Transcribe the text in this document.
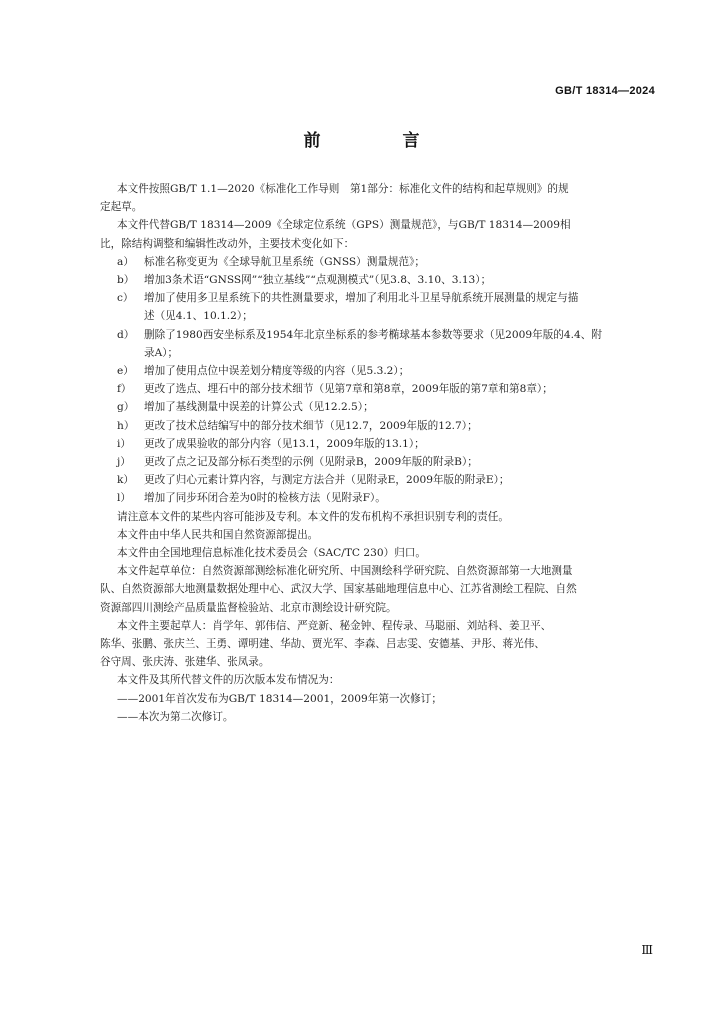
GB/T 18314—2024
前 言
本文件按照GB/T 1.1—2020《标准化工作导则　第1部分：标准化文件的结构和起草规则》的规
定起草。
本文件代替GB/T 18314—2009《全球定位系统（GPS）测量规范》，与GB/T 18314—2009相
比，除结构调整和编辑性改动外，主要技术变化如下：
a） 标准名称变更为《全球导航卫星系统（GNSS）测量规范》；
b） 增加3条术语“GNSS网”“独立基线”“点观测模式”（见3.8、3.10、3.13）；
c） 增加了使用多卫星系统下的共性测量要求，增加了利用北斗卫星导航系统开展测量的规定与描
述（见4.1、10.1.2）；
d） 删除了1980西安坐标系及1954年北京坐标系的参考椭球基本参数等要求（见2009年版的4.4、附
录A）；
e） 增加了使用点位中误差划分精度等级的内容（见5.3.2）；
f）	更改了选点、埋石中的部分技术细节（见第7章和第8章，2009年版的第7章和第8章）；
g） 增加了基线测量中误差的计算公式（见12.2.5）；
h） 更改了技术总结编写中的部分技术细节（见12.7，2009年版的12.7）；
i）	更改了成果验收的部分内容（见13.1，2009年版的13.1）；
j）	更改了点之记及部分标石类型的示例（见附录B，2009年版的附录B）；
k） 更改了归心元素计算内容，与测定方法合并（见附录E，2009年版的附录E）；
l）	增加了同步环闭合差为0时的检核方法（见附录F）。
请注意本文件的某些内容可能涉及专利。本文件的发布机构不承担识别专利的责任。
本文件由中华人民共和国自然资源部提出。
本文件由全国地理信息标准化技术委员会（SAC/TC 230）归口。
本文件起草单位：自然资源部测绘标准化研究所、中国测绘科学研究院、自然资源部第一大地测量
队、自然资源部大地测量数据处理中心、武汉大学、国家基础地理信息中心、江苏省测绘工程院、自然
资源部四川测绘产品质量监督检验站、北京市测绘设计研究院。
本文件主要起草人：肖学年、郭伟信、严竞新、秘金钟、程传录、马聪丽、刘站科、姜卫平、
陈华、张鹏、张庆兰、王勇、谭明建、华劼、贾光军、李森、吕志雯、安德基、尹彤、蒋光伟、
谷守周、张庆涛、张建华、张凤录。
本文件及其所代替文件的历次版本发布情况为：
——2001年首次发布为GB/T 18314—2001，2009年第一次修订；
——本次为第二次修订。
Ⅲ
